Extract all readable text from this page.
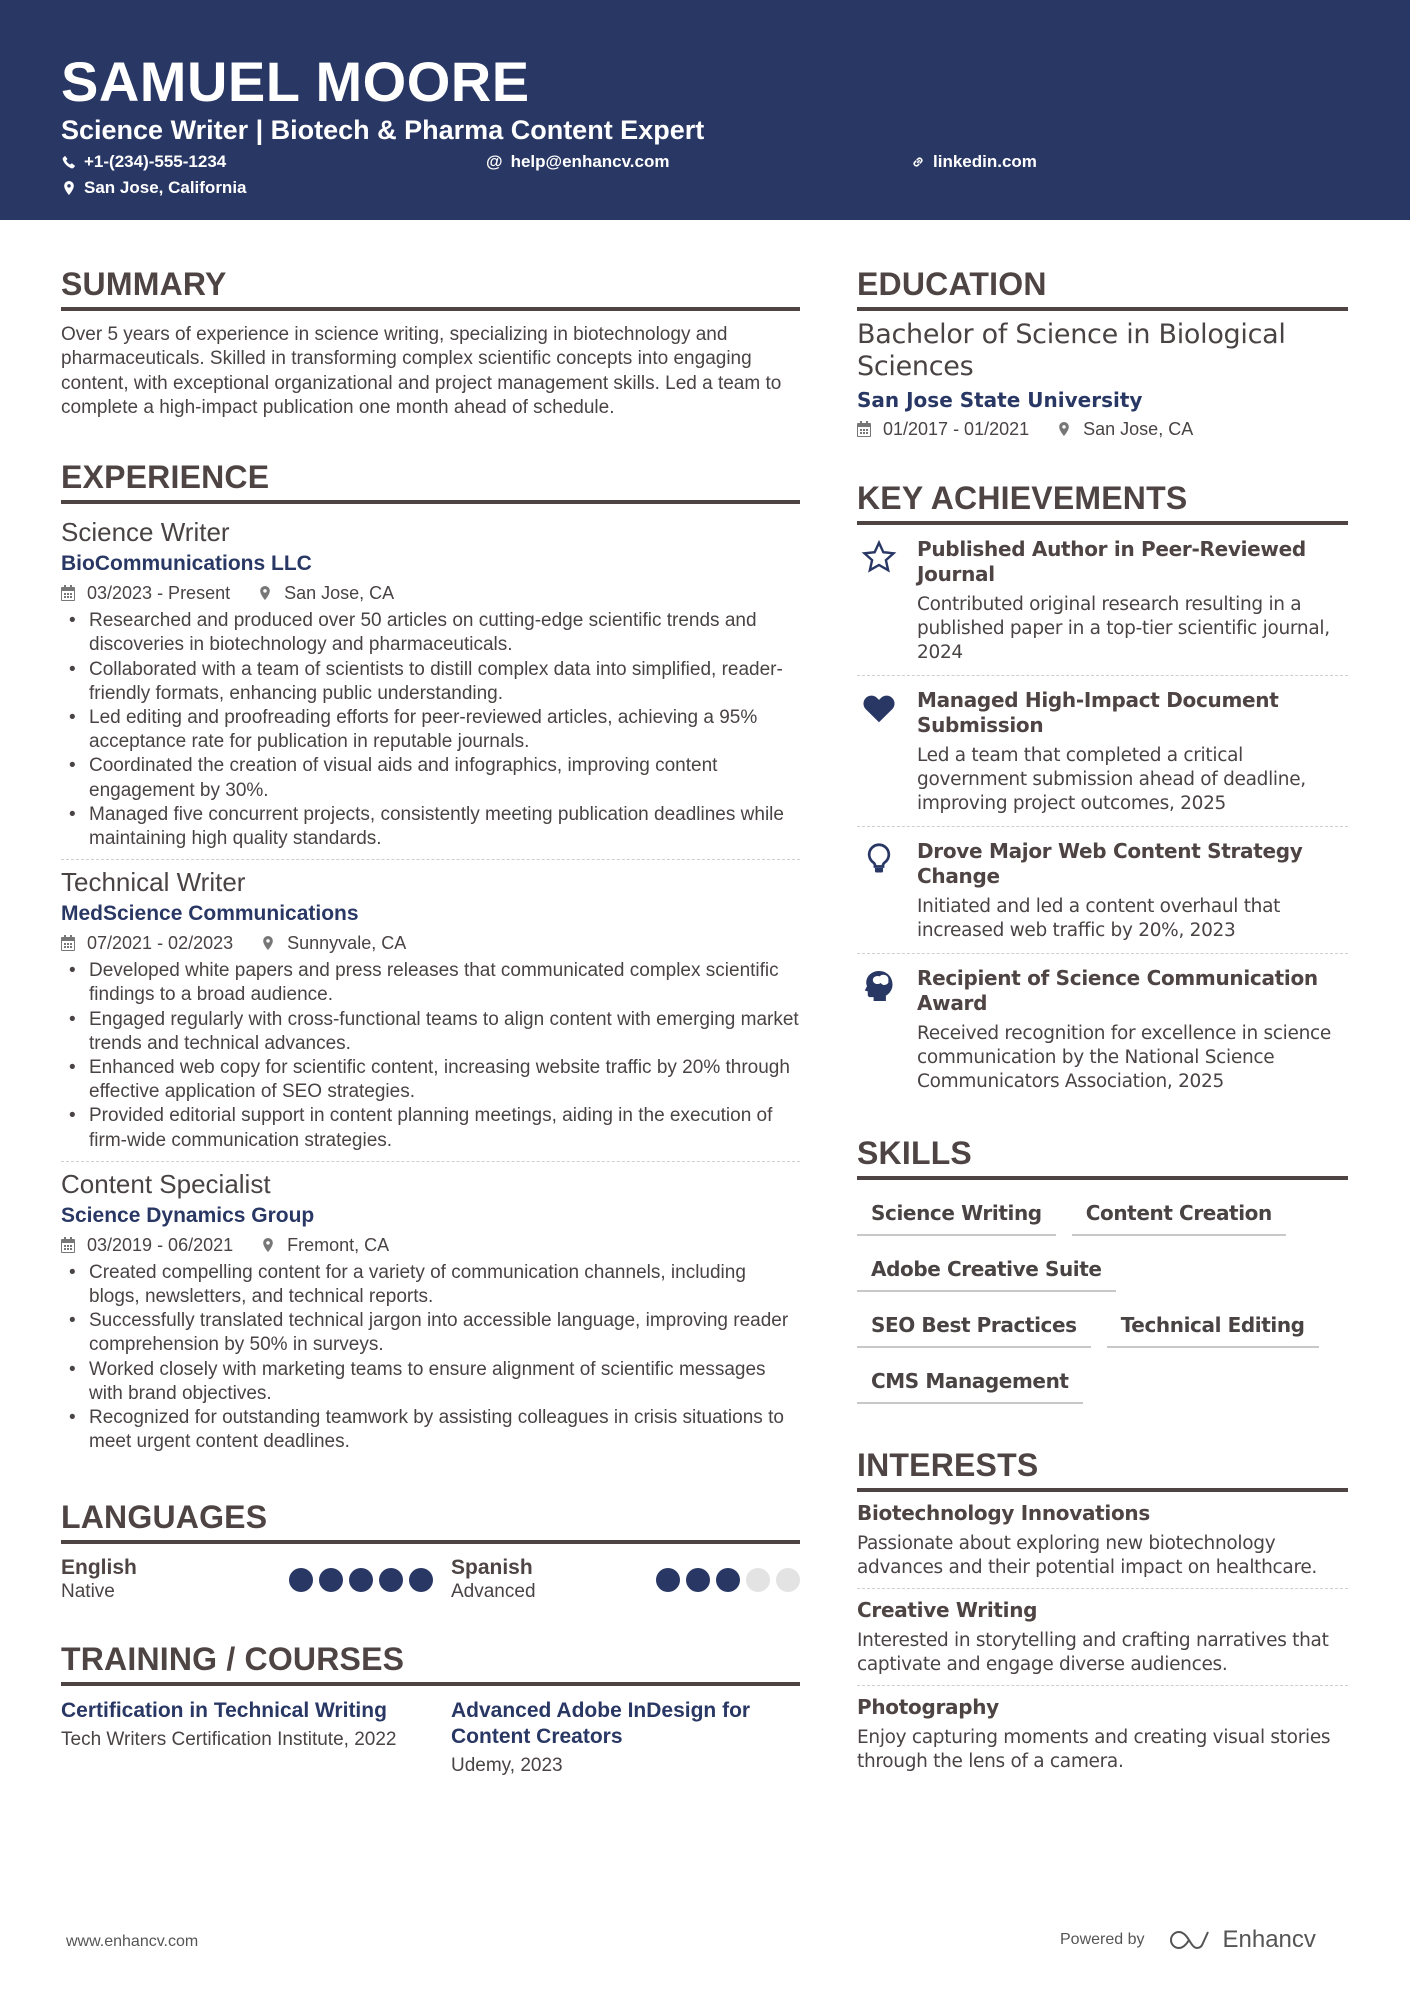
SAMUEL MOORE
Science Writer | Biotech & Pharma Content Expert
+1-(234)-555-1234	@ help@enhancv.com	linkedin.com
San Jose, California
SUMMARY
Over 5 years of experience in science writing, specializing in biotechnology and pharmaceuticals. Skilled in transforming complex scientific concepts into engaging content, with exceptional organizational and project management skills. Led a team to complete a high-impact publication one month ahead of schedule.
EXPERIENCE
Science Writer
BioCommunications LLC
03/2023 - Present	San Jose, CA
• Researched and produced over 50 articles on cutting-edge scientific trends and discoveries in biotechnology and pharmaceuticals.
• Collaborated with a team of scientists to distill complex data into simplified, reader-friendly formats, enhancing public understanding.
• Led editing and proofreading efforts for peer-reviewed articles, achieving a 95% acceptance rate for publication in reputable journals.
• Coordinated the creation of visual aids and infographics, improving content engagement by 30%.
• Managed five concurrent projects, consistently meeting publication deadlines while maintaining high quality standards.
Technical Writer
MedScience Communications
07/2021 - 02/2023	Sunnyvale, CA
• Developed white papers and press releases that communicated complex scientific findings to a broad audience.
• Engaged regularly with cross-functional teams to align content with emerging market trends and technical advances.
• Enhanced web copy for scientific content, increasing website traffic by 20% through effective application of SEO strategies.
• Provided editorial support in content planning meetings, aiding in the execution of firm-wide communication strategies.
Content Specialist
Science Dynamics Group
03/2019 - 06/2021	Fremont, CA
• Created compelling content for a variety of communication channels, including blogs, newsletters, and technical reports.
• Successfully translated technical jargon into accessible language, improving reader comprehension by 50% in surveys.
• Worked closely with marketing teams to ensure alignment of scientific messages with brand objectives.
• Recognized for outstanding teamwork by assisting colleagues in crisis situations to meet urgent content deadlines.
LANGUAGES
English
Native
Spanish
Advanced
TRAINING / COURSES
Certification in Technical Writing
Tech Writers Certification Institute, 2022
Advanced Adobe InDesign for Content Creators
Udemy, 2023
EDUCATION
Bachelor of Science in Biological Sciences
San Jose State University
01/2017 - 01/2021	San Jose, CA
KEY ACHIEVEMENTS
Published Author in Peer-Reviewed Journal
Contributed original research resulting in a published paper in a top-tier scientific journal, 2024
Managed High-Impact Document Submission
Led a team that completed a critical government submission ahead of deadline, improving project outcomes, 2025
Drove Major Web Content Strategy Change
Initiated and led a content overhaul that increased web traffic by 20%, 2023
Recipient of Science Communication Award
Received recognition for excellence in science communication by the National Science Communicators Association, 2025
SKILLS
Science Writing	Content Creation
Adobe Creative Suite
SEO Best Practices	Technical Editing
CMS Management
INTERESTS
Biotechnology Innovations
Passionate about exploring new biotechnology advances and their potential impact on healthcare.
Creative Writing
Interested in storytelling and crafting narratives that captivate and engage diverse audiences.
Photography
Enjoy capturing moments and creating visual stories through the lens of a camera.
www.enhancv.com	Powered by	Enhancv
